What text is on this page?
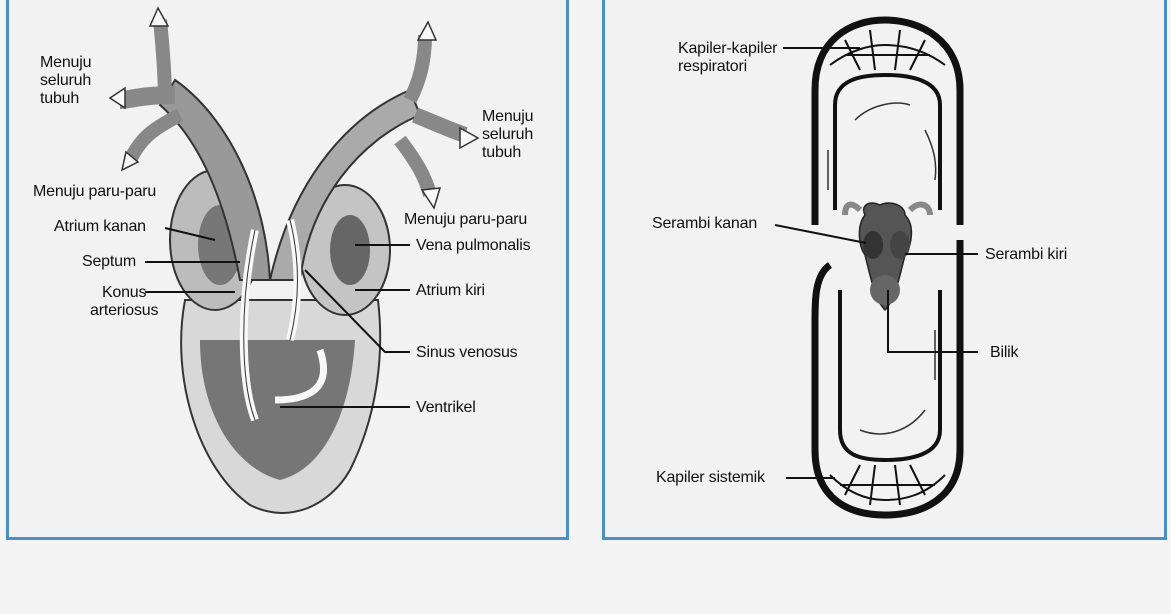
Menuju
seluruh
tubuh
Menuju
seluruh
tubuh
Menuju paru-paru
Menuju paru-paru
Atrium kanan
Septum
Konus
arteriosus
Vena pulmonalis
Atrium kiri
Sinus venosus
Ventrikel
Kapiler-kapiler
respiratori
Serambi kanan
Serambi kiri
Bilik
Kapiler sistemik
